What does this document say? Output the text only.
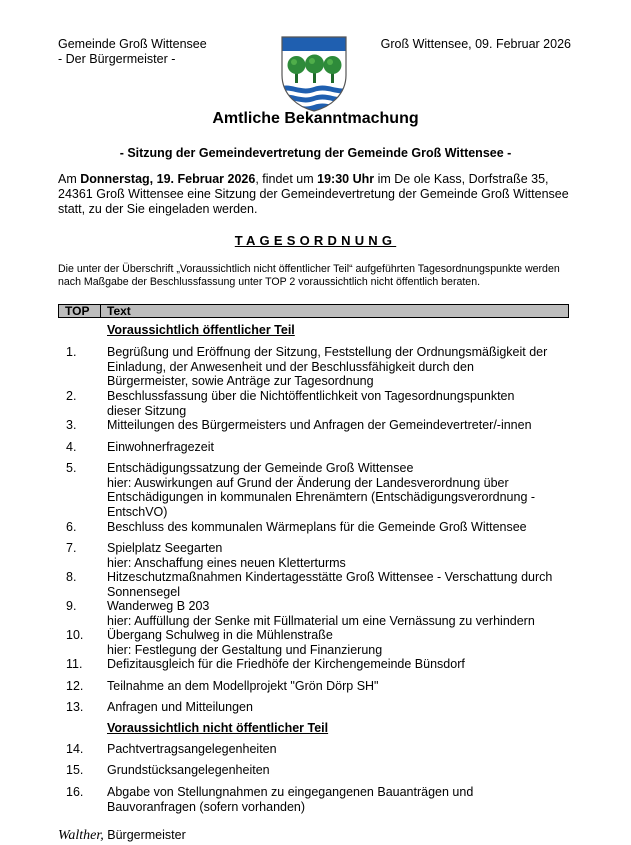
Gemeinde Groß Wittensee
- Der Bürgermeister -
Groß Wittensee, 09. Februar 2026
Amtliche Bekanntmachung
- Sitzung der Gemeindevertretung der Gemeinde Groß Wittensee -
Am Donnerstag, 19. Februar 2026, findet um 19:30 Uhr im De ole Kass, Dorfstraße 35, 24361 Groß Wittensee eine Sitzung der Gemeindevertretung der Gemeinde Groß Wittensee statt, zu der Sie eingeladen werden.
TAGESORDNUNG
Die unter der Überschrift „Voraussichtlich nicht öffentlicher Teil“ aufgeführten Tagesordnungspunkte werden nach Maßgabe der Beschlussfassung unter TOP 2 voraussichtlich nicht öffentlich beraten.
TOP Text
Voraussichtlich öffentlicher Teil
Voraussichtlich nicht öffentlicher Teil
1. Begrüßung und Eröffnung der Sitzung, Feststellung der Ordnungsmäßigkeit der
Einladung, der Anwesenheit und der Beschlussfähigkeit durch den
Bürgermeister, sowie Anträge zur Tagesordnung
2. Beschlussfassung über die Nichtöffentlichkeit von Tagesordnungspunkten
dieser Sitzung
3. Mitteilungen des Bürgermeisters und Anfragen der Gemeindevertreter/-innen
4. Einwohnerfragezeit
5. Entschädigungssatzung der Gemeinde Groß Wittensee
hier: Auswirkungen auf Grund der Änderung der Landesverordnung über
Entschädigungen in kommunalen Ehrenämtern (Entschädigungsverordnung -
EntschVO)
6. Beschluss des kommunalen Wärmeplans für die Gemeinde Groß Wittensee
7. Spielplatz Seegarten
hier: Anschaffung eines neuen Kletterturms
8. Hitzeschutzmaßnahmen Kindertagesstätte Groß Wittensee - Verschattung durch
Sonnensegel
9. Wanderweg B 203
hier: Auffüllung der Senke mit Füllmaterial um eine Vernässung zu verhindern
10. Übergang Schulweg in die Mühlenstraße
hier: Festlegung der Gestaltung und Finanzierung
11. Defizitausgleich für die Friedhöfe der Kirchengemeinde Bünsdorf
12. Teilnahme an dem Modellprojekt "Grön Dörp SH"
13. Anfragen und Mitteilungen
14. Pachtvertragsangelegenheiten
15. Grundstücksangelegenheiten
16. Abgabe von Stellungnahmen zu eingegangenen Bauanträgen und
Bauvoranfragen (sofern vorhanden)
Walther, Bürgermeister
